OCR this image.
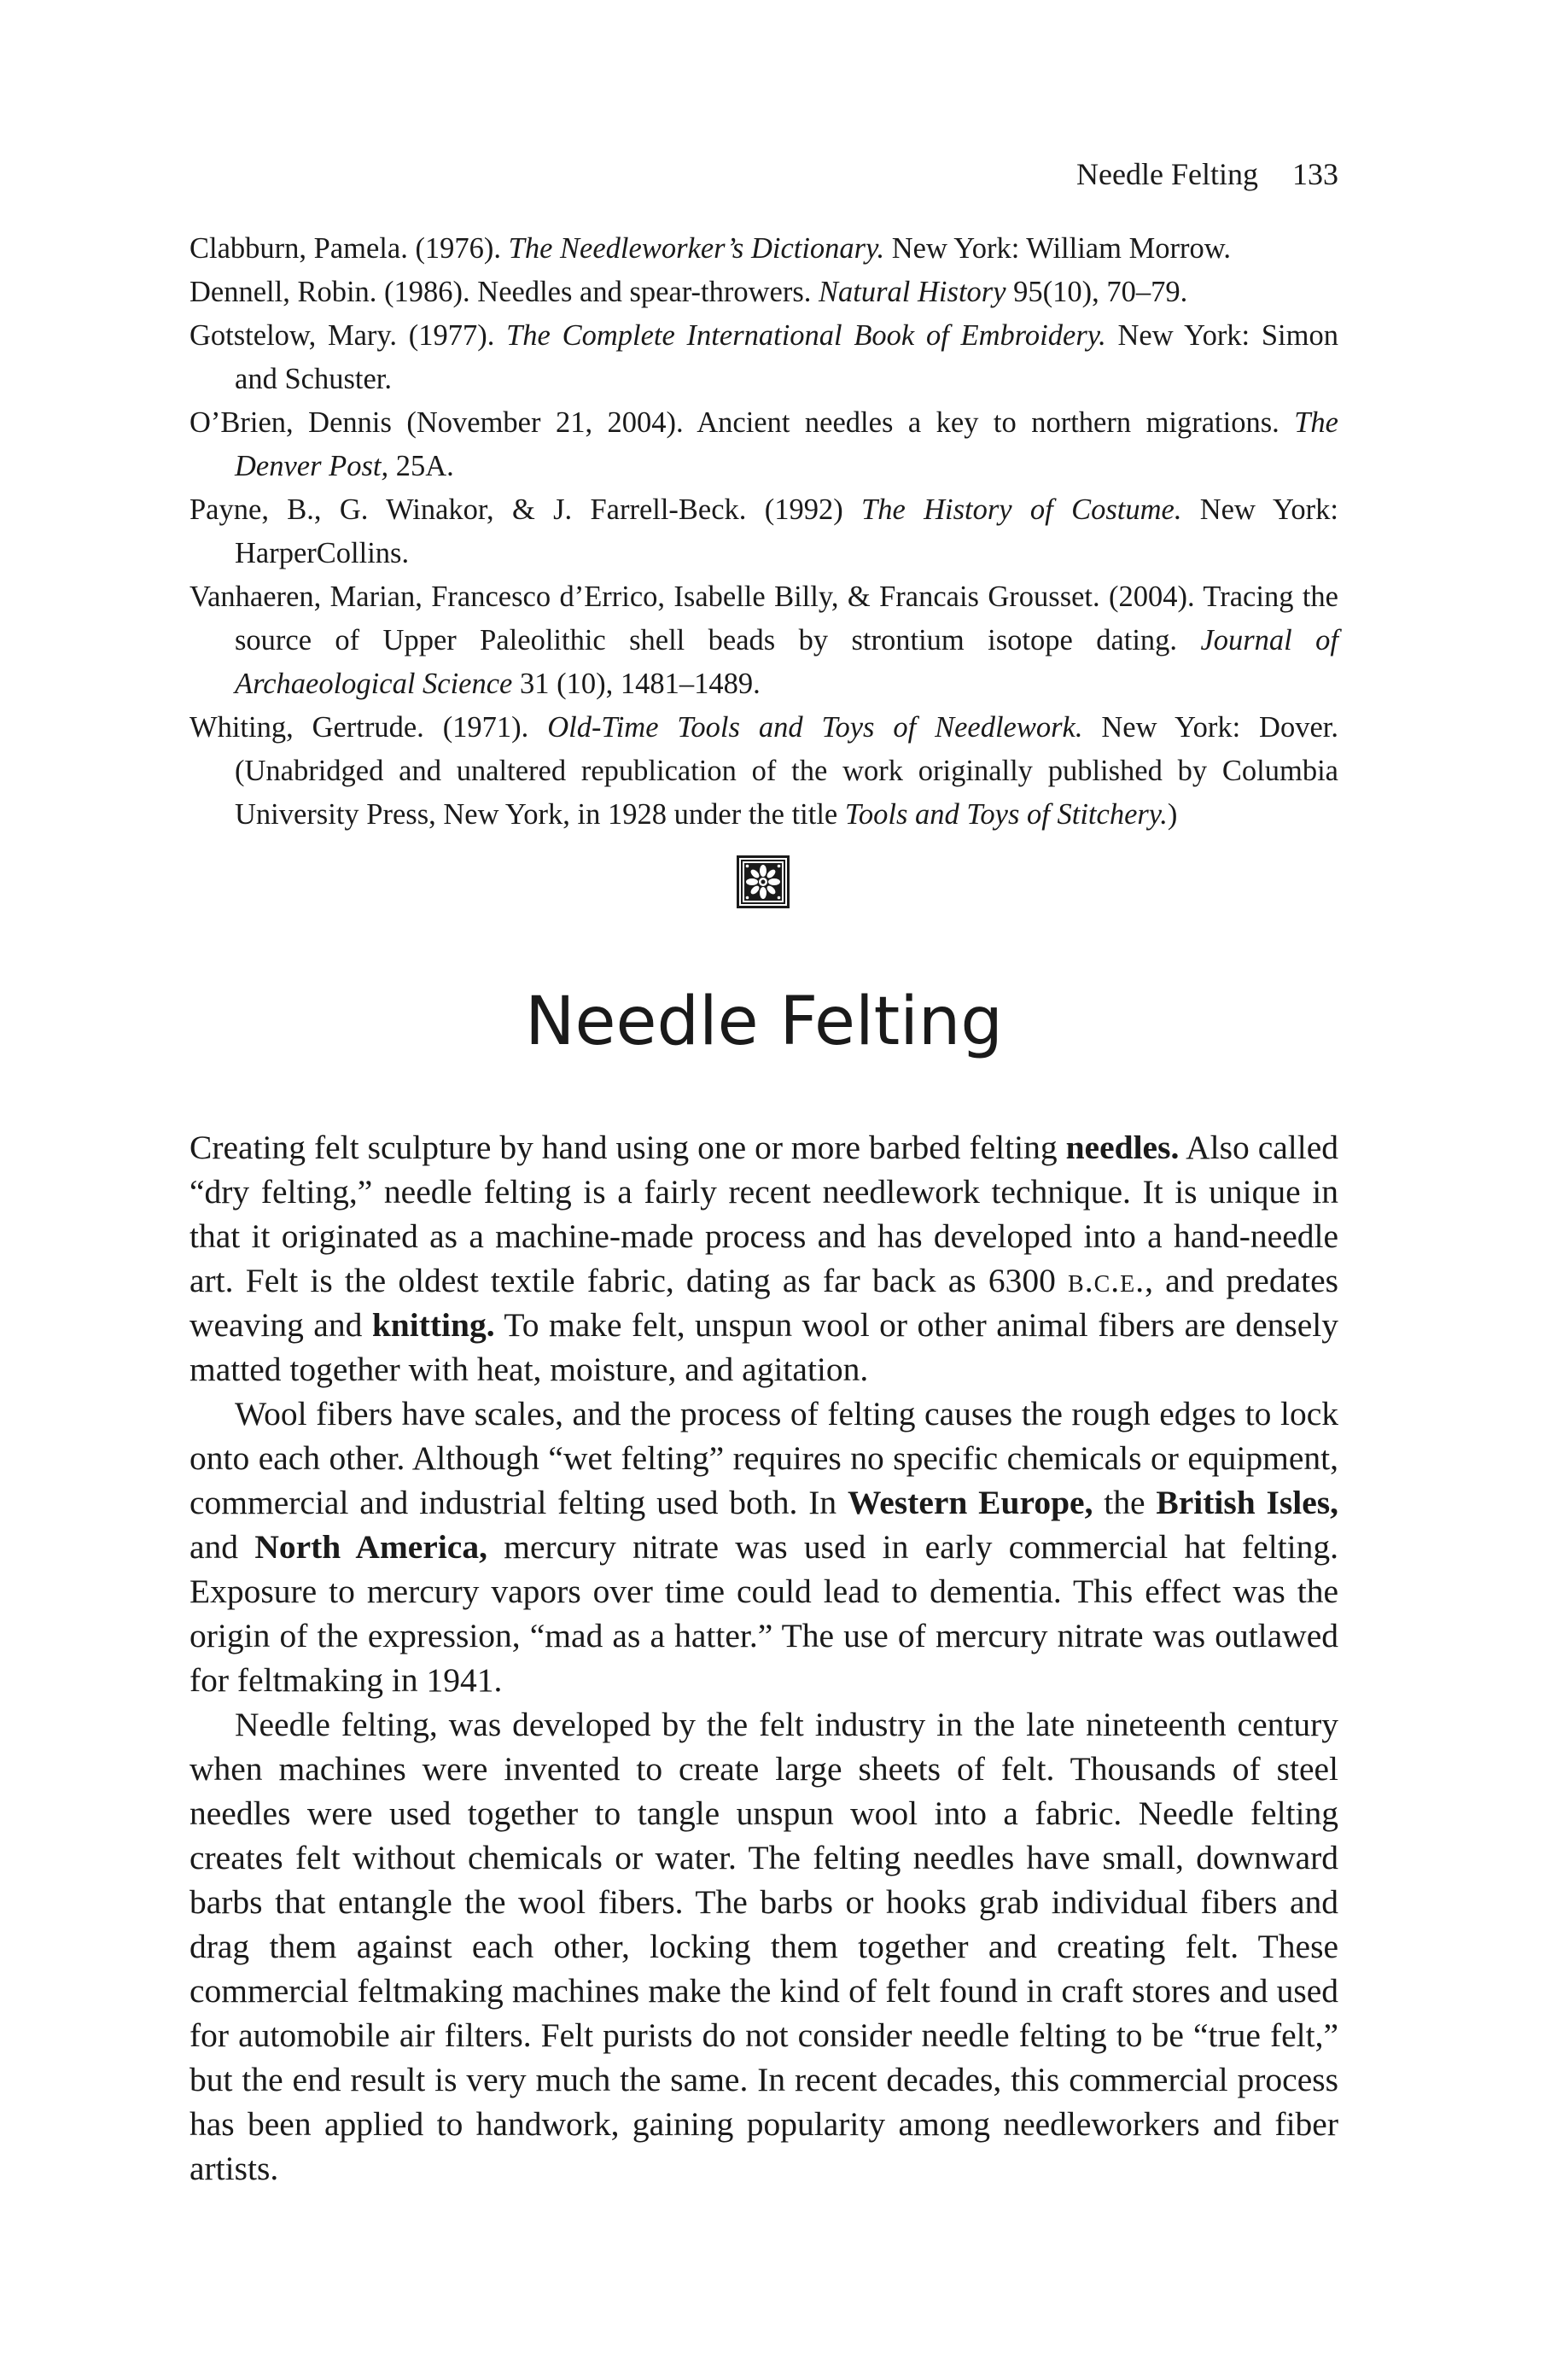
Needle Felting 133
Clabburn, Pamela. (1976). The Needleworker’s Dictionary. New York: William Morrow.
Dennell, Robin. (1986). Needles and spear-throwers. Natural History 95(10), 70–79.
Gotstelow, Mary. (1977). The Complete International Book of Embroidery. New York: Simon and Schuster.
O’Brien, Dennis (November 21, 2004). Ancient needles a key to northern migrations. The Denver Post, 25A.
Payne, B., G. Winakor, & J. Farrell-Beck. (1992) The History of Costume. New York: HarperCollins.
Vanhaeren, Marian, Francesco d’Errico, Isabelle Billy, & Francais Grousset. (2004). Tracing the source of Upper Paleolithic shell beads by strontium isotope dating. Journal of Archaeological Science 31 (10), 1481–1489.
Whiting, Gertrude. (1971). Old-Time Tools and Toys of Needlework. New York: Dover. (Unabridged and unaltered republication of the work originally published by Columbia University Press, New York, in 1928 under the title Tools and Toys of Stitchery.)
Needle Felting

Creating felt sculpture by hand using one or more barbed felting needles. Also called “dry felting,” needle felting is a fairly recent needlework technique. It is unique in that it originated as a machine-made process and has developed into a hand-needle art. Felt is the oldest textile fabric, dating as far back as 6300 b.c.e., and predates weaving and knitting. To make felt, unspun wool or other animal fibers are densely matted together with heat, moisture, and agitation.

Wool fibers have scales, and the process of felting causes the rough edges to lock onto each other. Although “wet felting” requires no specific chemicals or equipment, commercial and industrial felting used both. In Western Europe, the British Isles, and North America, mercury nitrate was used in early commercial hat felting. Exposure to mercury vapors over time could lead to dementia. This effect was the origin of the expression, “mad as a hatter.” The use of mercury nitrate was outlawed for feltmaking in 1941.

Needle felting, was developed by the felt industry in the late nineteenth century when machines were invented to create large sheets of felt. Thousands of steel needles were used together to tangle unspun wool into a fabric. Needle felting creates felt without chemicals or water. The felting needles have small, downward barbs that entangle the wool fibers. The barbs or hooks grab individual fibers and drag them against each other, locking them together and creating felt. These commercial feltmaking machines make the kind of felt found in craft stores and used for automobile air filters. Felt purists do not consider needle felting to be “true felt,” but the end result is very much the same. In recent decades, this commercial process has been applied to handwork, gaining popularity among needleworkers and fiber artists.
